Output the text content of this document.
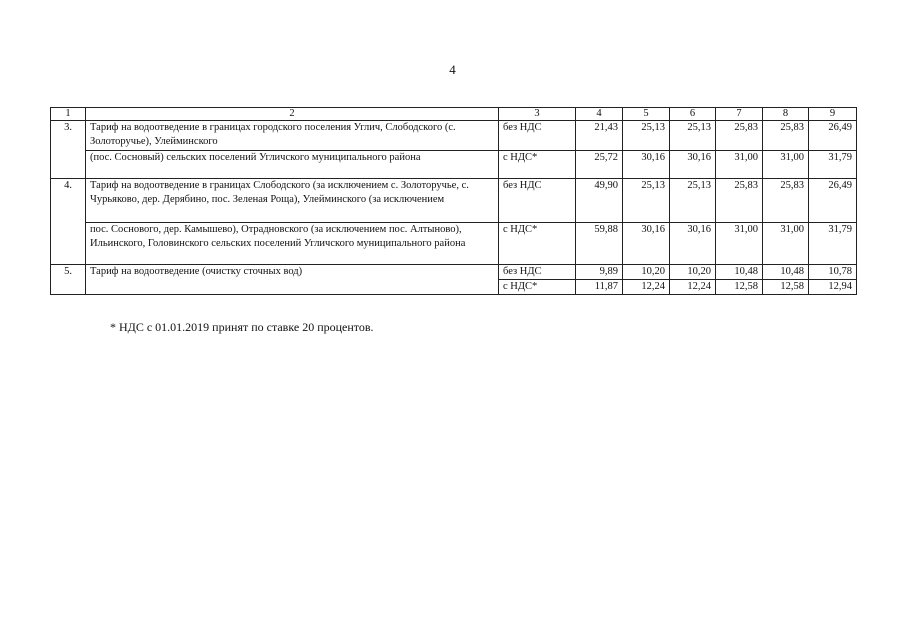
4
1	2	3	4	5	6	7	8	9
3.	Тариф на водоотведение в границах городского поселения Углич, Слободского (с. Золоторучье), Улейминского	без НДС	21,43	25,13	25,13	25,83	25,83	26,49
	(пос. Сосновый) сельских поселений Угличского муниципального района	с НДС*	25,72	30,16	30,16	31,00	31,00	31,79
4.	Тариф на водоотведение в границах Слободского (за исключением с. Золоторучье, с. Чурьяково, дер. Дерябино, пос. Зеленая Роща), Улейминского (за исключением	без НДС	49,90	25,13	25,13	25,83	25,83	26,49
	пос. Соснового, дер. Камышево), Отрадновского (за исключением пос. Алтыново), Ильинского, Головинского сельских поселений Угличского муниципального района	с НДС*	59,88	30,16	30,16	31,00	31,00	31,79
5.	Тариф на водоотведение (очистку сточных вод)	без НДС	9,89	10,20	10,20	10,48	10,48	10,78
		с НДС*	11,87	12,24	12,24	12,58	12,58	12,94
* НДС с 01.01.2019 принят по ставке 20 процентов.
